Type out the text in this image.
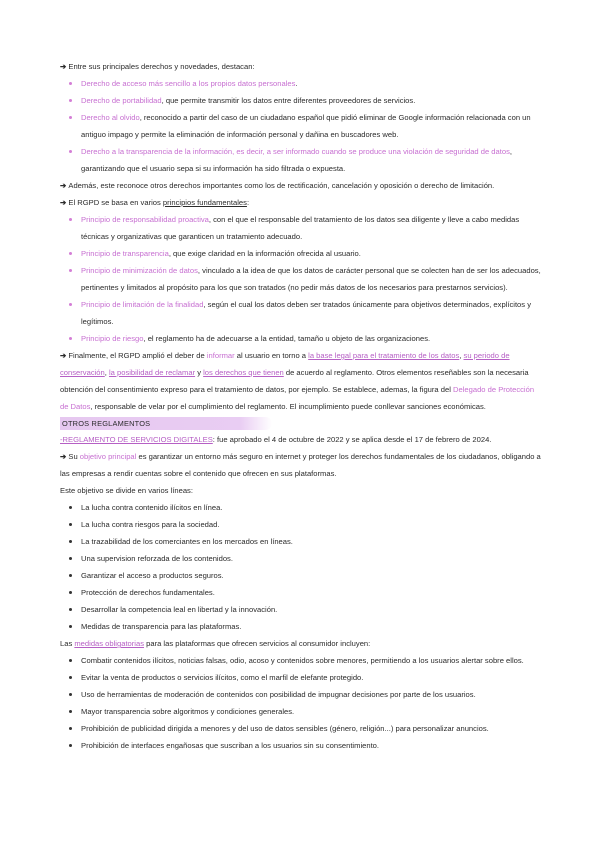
➔ Entre sus principales derechos y novedades, destacan:

Derecho de acceso más sencillo a los propios datos personales.
Derecho de portabilidad, que permite transmitir los datos entre diferentes proveedores de servicios.
Derecho al olvido, reconocido a partir del caso de un ciudadano español que pidió eliminar de Google información relacionada con un antiguo impago y permite la eliminación de información personal y dañina en buscadores web.
Derecho a la transparencia de la información, es decir, a ser informado cuando se produce una violación de seguridad de datos, garantizando que el usuario sepa si su información ha sido filtrada o expuesta.

➔ Además, este reconoce otros derechos importantes como los de rectificación, cancelación y oposición o derecho de limitación.

➔ El RGPD se basa en varios principios fundamentales:

Principio de responsabilidad proactiva, con el que el responsable del tratamiento de los datos sea diligente y lleve a cabo medidas técnicas y organizativas que garanticen un tratamiento adecuado.
Principio de transparencia, que exige claridad en la información ofrecida al usuario.
Principio de minimización de datos, vinculado a la idea de que los datos de carácter personal que se colecten han de ser los adecuados, pertinentes y limitados al propósito para los que son tratados (no pedir más datos de los necesarios para prestarnos servicios).
Principio de limitación de la finalidad, según el cual los datos deben ser tratados únicamente para objetivos determinados, explícitos y legítimos.
Principio de riesgo, el reglamento ha de adecuarse a la entidad, tamaño u objeto de las organizaciones.

➔ Finalmente, el RGPD amplió el deber de informar al usuario en torno a la base legal para el tratamiento de los datos, su periodo de conservación, la posibilidad de reclamar y los derechos que tienen de acuerdo al reglamento. Otros elementos reseñables son la necesaria obtención del consentimiento expreso para el tratamiento de datos, por ejemplo. Se establece, ademas, la figura del Delegado de Protección de Datos, responsable de velar por el cumplimiento del reglamento. El incumplimiento puede conllevar sanciones económicas.

OTROS REGLAMENTOS

-REGLAMENTO DE SERVICIOS DIGITALES: fue aprobado el 4 de octubre de 2022 y se aplica desde el 17 de febrero de 2024.

➔ Su objetivo principal es garantizar un entorno más seguro en internet y proteger los derechos fundamentales de los ciudadanos, obligando a las empresas a rendir cuentas sobre el contenido que ofrecen en sus plataformas.

Este objetivo se divide en varios líneas:

La lucha contra contenido ilícitos en línea.
La lucha contra riesgos para la sociedad.
La trazabilidad de los comerciantes en los mercados en líneas.
Una supervision reforzada de los contenidos.
Garantizar el acceso a productos seguros.
Protección de derechos fundamentales.
Desarrollar la competencia leal en libertad y la innovación.
Medidas de transparencia para las plataformas.

Las medidas obligatorias para las plataformas que ofrecen servicios al consumidor incluyen:

Combatir contenidos ilícitos, noticias falsas, odio, acoso y contenidos sobre menores, permitiendo a los usuarios alertar sobre ellos.
Evitar la venta de productos o servicios ilícitos, como el marfil de elefante protegido.
Uso de herramientas de moderación de contenidos con posibilidad de impugnar decisiones por parte de los usuarios.
Mayor transparencia sobre algoritmos y condiciones generales.
Prohibición de publicidad dirigida a menores y del uso de datos sensibles (género, religión...) para personalizar anuncios.
Prohibición de interfaces engañosas que suscriban a los usuarios sin su consentimiento.
